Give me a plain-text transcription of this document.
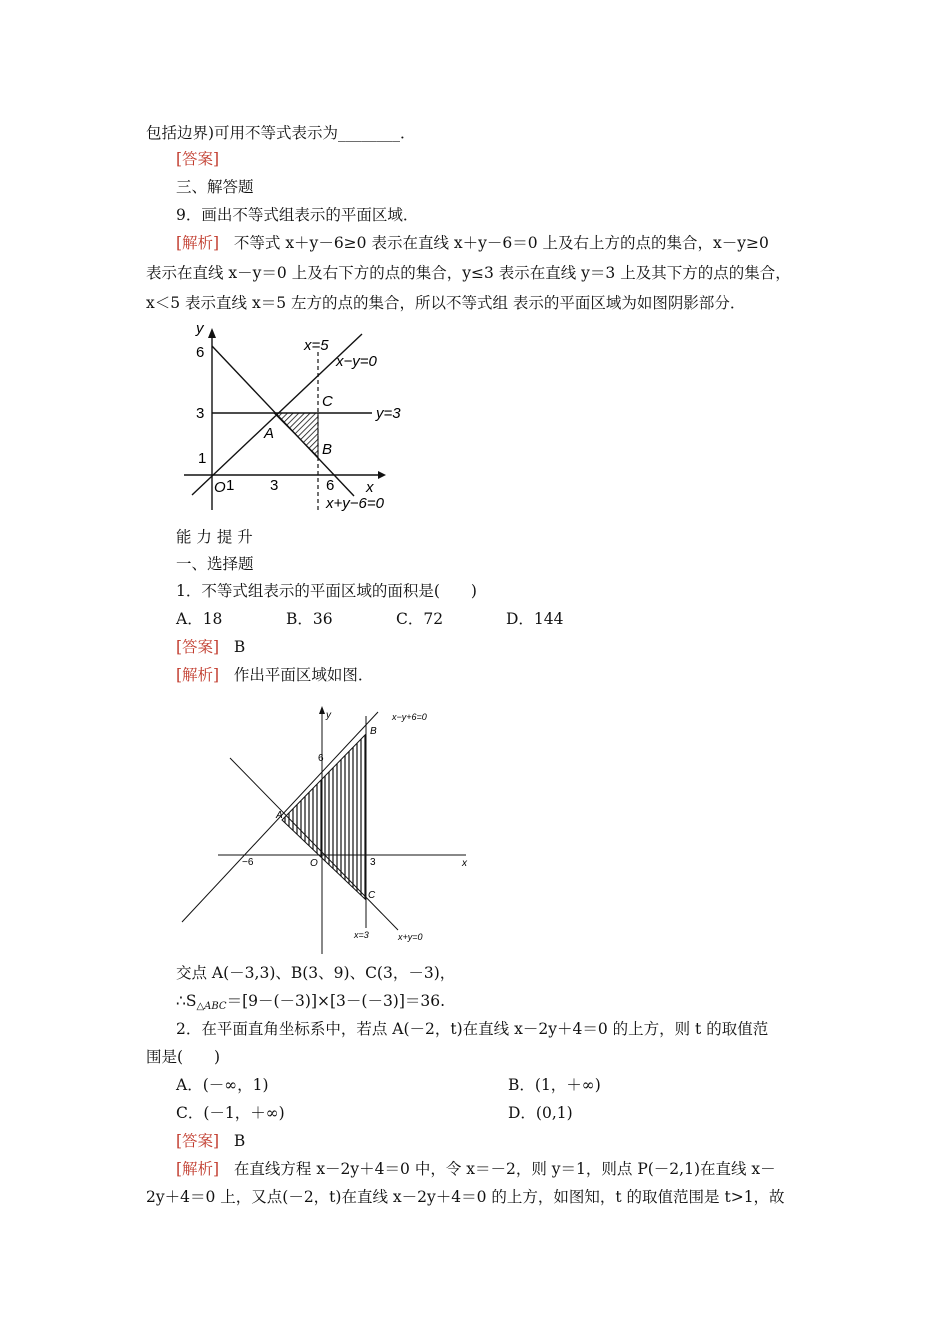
包括边界)可用不等式表示为________．
[答案]
三、解答题
9．画出不等式组表示的平面区域．
[解析] 不等式 x＋y－6≥0 表示在直线 x＋y－6＝0 上及右上方的点的集合，x－y≥0
表示在直线 x－y＝0 上及右下方的点的集合，y≤3 表示在直线 y＝3 上及其下方的点的集合，
x＜5 表示直线 x＝5 左方的点的集合，所以不等式组 表示的平面区域为如图阴影部分．
y
6
3
1
O 1 3	6 x
x=5
x−y=0
y=3
x+y−6=0
A
B
C
能 力 提 升
一、选择题
1．不等式组表示的平面区域的面积是(　　)
A．18	B．36	C．72	D．144
[答案] B
[解析] 作出平面区域如图．
y
x
6
−6	O	3
x−y+6=0
x+y=0
x=3
A
B
C
交点 A(－3,3)、B(3、9)、C(3，－3)，
$\therefore S_{\triangle ABC}=[9-(-3)]\times[3-(-3)]=36$.
2．在平面直角坐标系中，若点 A(－2，t)在直线 x－2y＋4＝0 的上方，则 t 的取值范
围是(　　)
A．(－∞，1)	B．(1，＋∞)
C．(－1，＋∞)	D．(0,1)
[答案] B
[解析] 在直线方程 x－2y＋4＝0 中，令 x＝－2，则 y＝1，则点 P(－2,1)在直线 x－
2y＋4＝0 上，又点(－2，t)在直线 x－2y＋4＝0 的上方，如图知，t 的取值范围是 t>1，故
